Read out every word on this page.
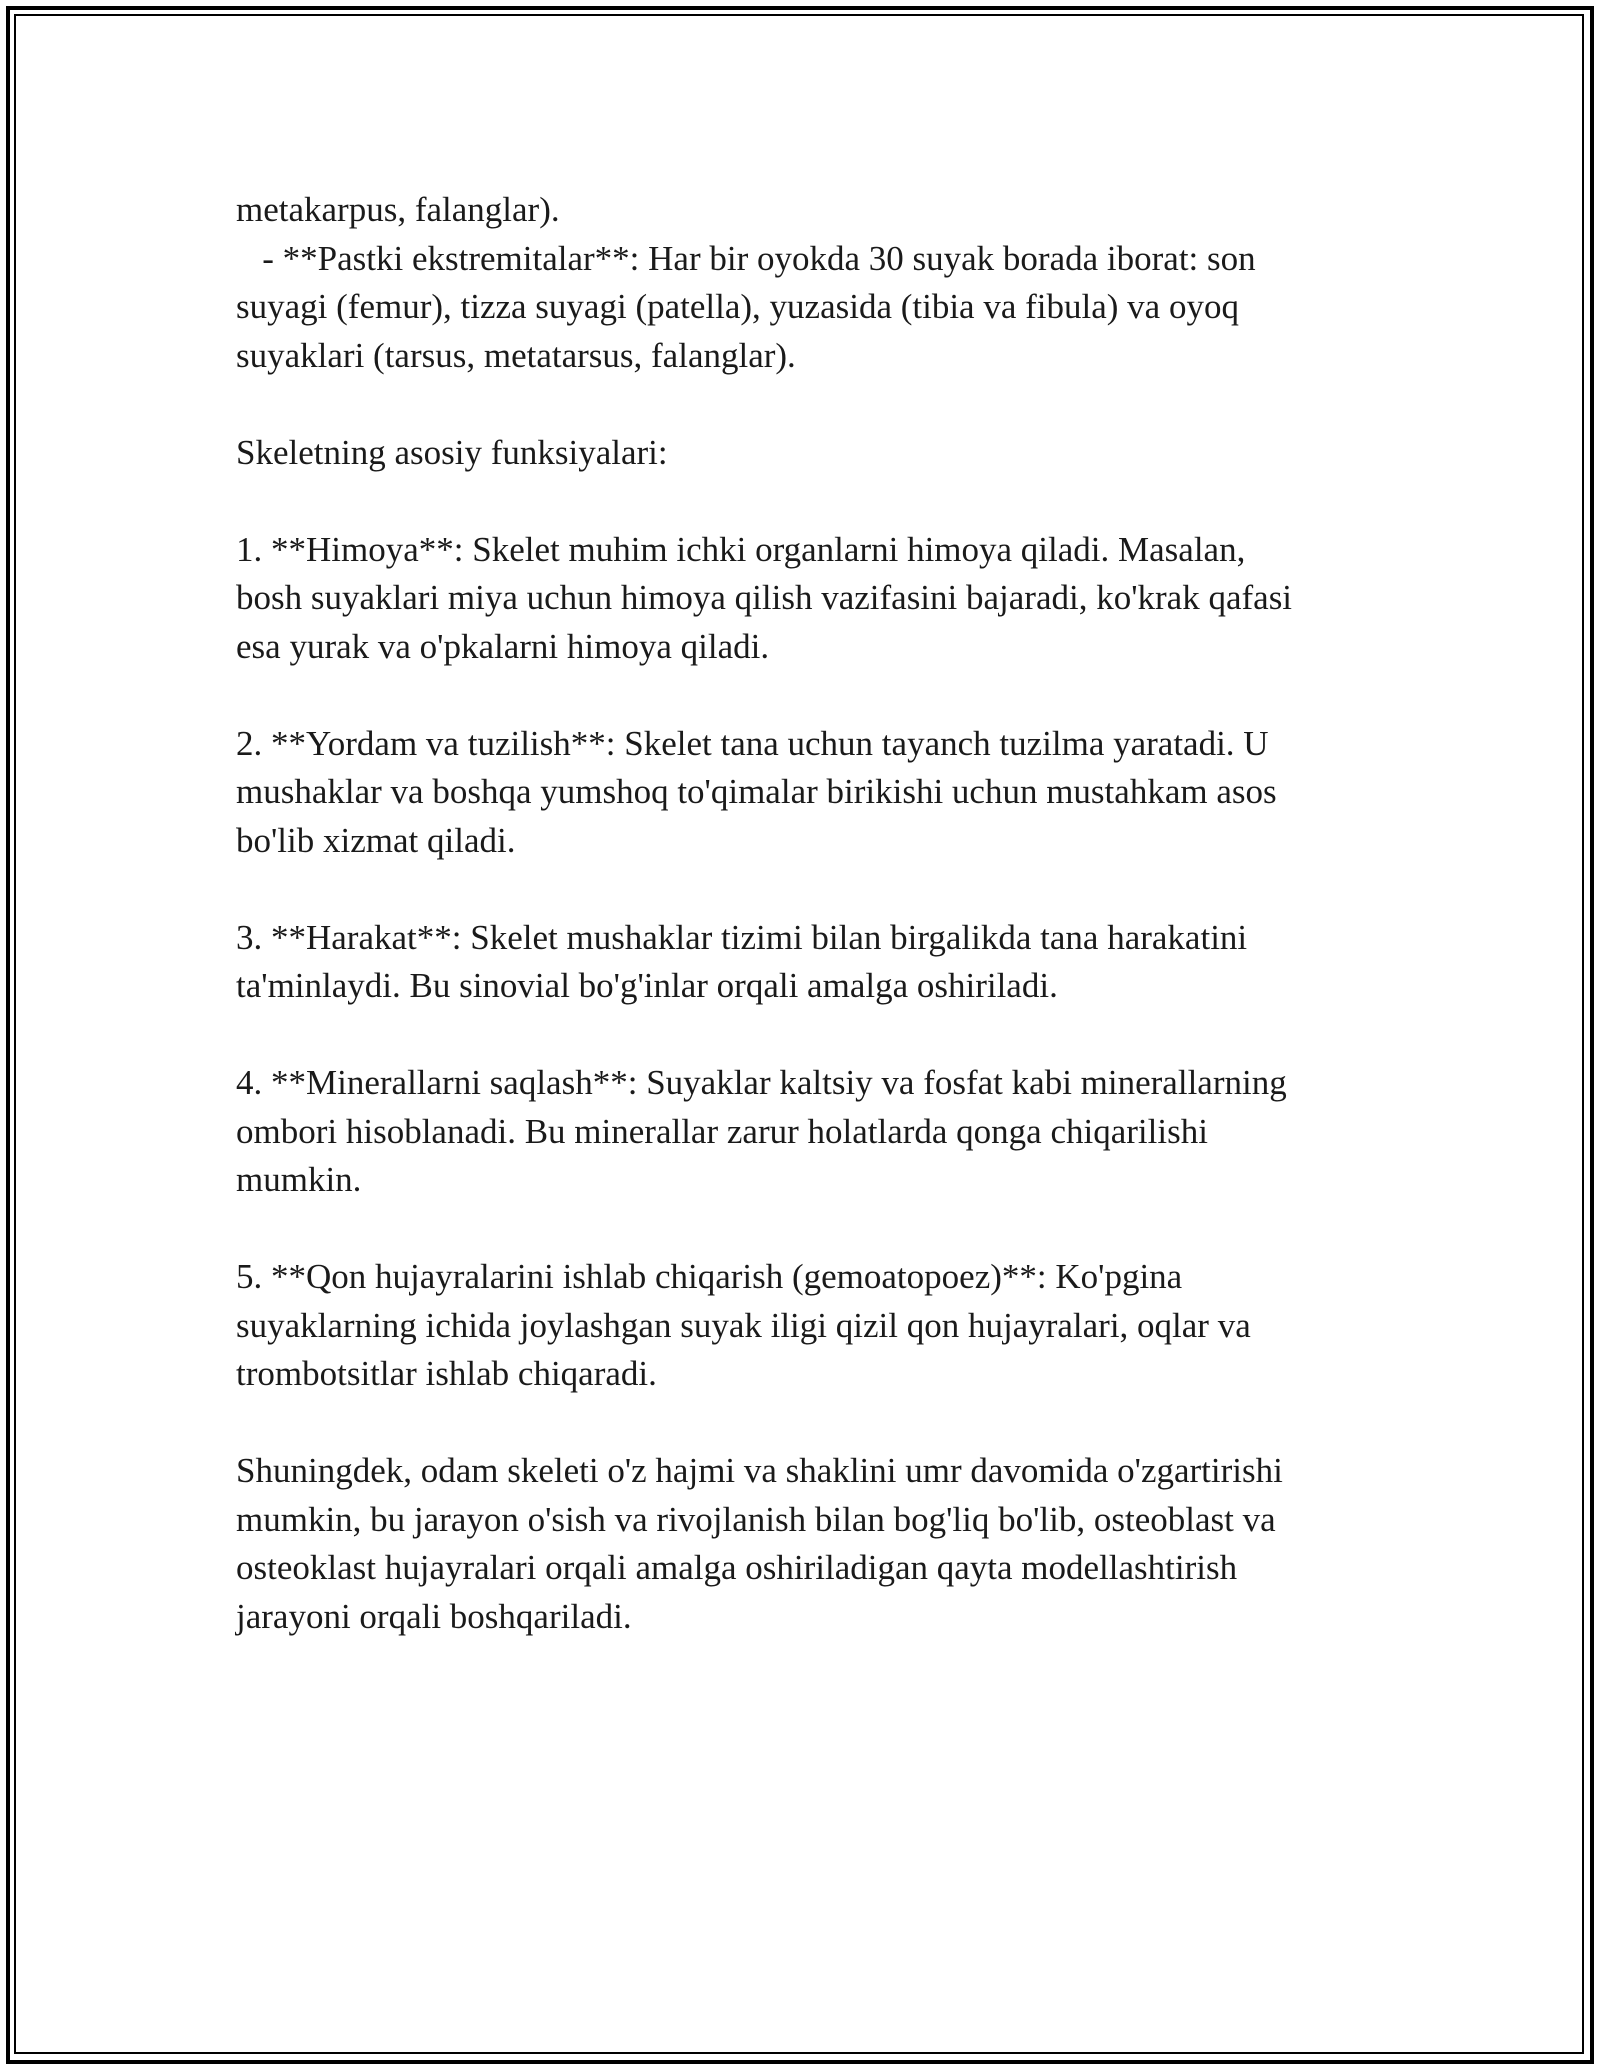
metakarpus, falanglar).
- **Pastki ekstremitalar**: Har bir oyokda 30 suyak borada iborat: son
suyagi (femur), tizza suyagi (patella), yuzasida (tibia va fibula) va oyoq
suyaklari (tarsus, metatarsus, falanglar).

Skeletning asosiy funksiyalari:

1. **Himoya**: Skelet muhim ichki organlarni himoya qiladi. Masalan,
bosh suyaklari miya uchun himoya qilish vazifasini bajaradi, ko'krak qafasi
esa yurak va o'pkalarni himoya qiladi.

2. **Yordam va tuzilish**: Skelet tana uchun tayanch tuzilma yaratadi. U
mushaklar va boshqa yumshoq to'qimalar birikishi uchun mustahkam asos
bo'lib xizmat qiladi.

3. **Harakat**: Skelet mushaklar tizimi bilan birgalikda tana harakatini
ta'minlaydi. Bu sinovial bo'g'inlar orqali amalga oshiriladi.

4. **Minerallarni saqlash**: Suyaklar kaltsiy va fosfat kabi minerallarning
ombori hisoblanadi. Bu minerallar zarur holatlarda qonga chiqarilishi
mumkin.

5. **Qon hujayralarini ishlab chiqarish (gemoatopoez)**: Ko'pgina
suyaklarning ichida joylashgan suyak iligi qizil qon hujayralari, oqlar va
trombotsitlar ishlab chiqaradi.

Shuningdek, odam skeleti o'z hajmi va shaklini umr davomida o'zgartirishi
mumkin, bu jarayon o'sish va rivojlanish bilan bog'liq bo'lib, osteoblast va
osteoklast hujayralari orqali amalga oshiriladigan qayta modellashtirish
jarayoni orqali boshqariladi.
